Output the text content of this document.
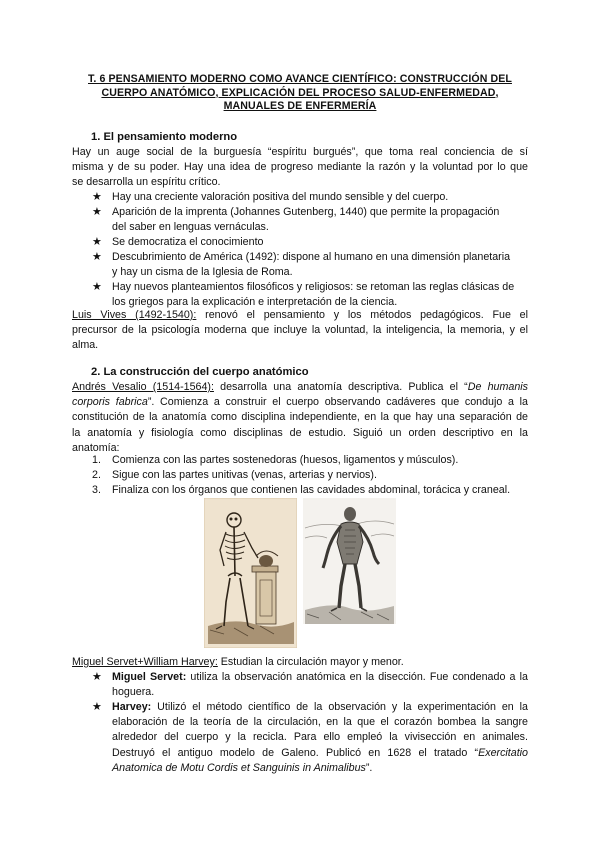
T. 6 PENSAMIENTO MODERNO COMO AVANCE CIENTÍFICO: CONSTRUCCIÓN DEL
CUERPO ANATÓMICO, EXPLICACIÓN DEL PROCESO SALUD-ENFERMEDAD,
MANUALES DE ENFERMERÍA
1. El pensamiento moderno
Hay un auge social de la burguesía “espíritu burgués”, que toma real conciencia de sí
misma y de su poder. Hay una idea de progreso mediante la razón y la voluntad por lo que
se desarrolla un espíritu crítico.
★ Hay una creciente valoración positiva del mundo sensible y del cuerpo.
★ Aparición de la imprenta (Johannes Gutenberg, 1440) que permite la propagación
del saber en lenguas vernáculas.
★ Se democratiza el conocimiento
★ Descubrimiento de América (1492): dispone al humano en una dimensión planetaria
y hay un cisma de la Iglesia de Roma.
★ Hay nuevos planteamientos filosóficos y religiosos: se retoman las reglas clásicas de
los griegos para la explicación e interpretación de la ciencia.
Luis Vives (1492-1540): renovó el pensamiento y los métodos pedagógicos. Fue el
precursor de la psicología moderna que incluye la voluntad, la inteligencia, la memoria, y el
alma.
2. La construcción del cuerpo anatómico
Andrés Vesalio (1514-1564): desarrolla una anatomía descriptiva. Publica el “De humanis
corporis fabrica”. Comienza a construir el cuerpo observando cadáveres que condujo a la
constitución de la anatomía como disciplina independiente, en la que hay una separación de
la anatomía y fisiología como disciplinas de estudio. Siguió un orden descriptivo en la
anatomía:
1. Comienza con las partes sostenedoras (huesos, ligamentos y músculos).
2. Sigue con las partes unitivas (venas, arterias y nervios).
3. Finaliza con los órganos que contienen las cavidades abdominal, torácica y craneal.
Miguel Servet+William Harvey: Estudian la circulación mayor y menor.
★ Miguel Servet: utiliza la observación anatómica en la disección. Fue condenado a la
hoguera.
★ Harvey: Utilizó el método científico de la observación y la experimentación en la
elaboración de la teoría de la circulación, en la que el corazón bombea la sangre
alrededor del cuerpo y la recicla. Para ello empleó la vivisección en animales.
Destruyó el antiguo modelo de Galeno. Publicó en 1628 el tratado “Exercitatio
Anatomica de Motu Cordis et Sanguinis in Animalibus”.
